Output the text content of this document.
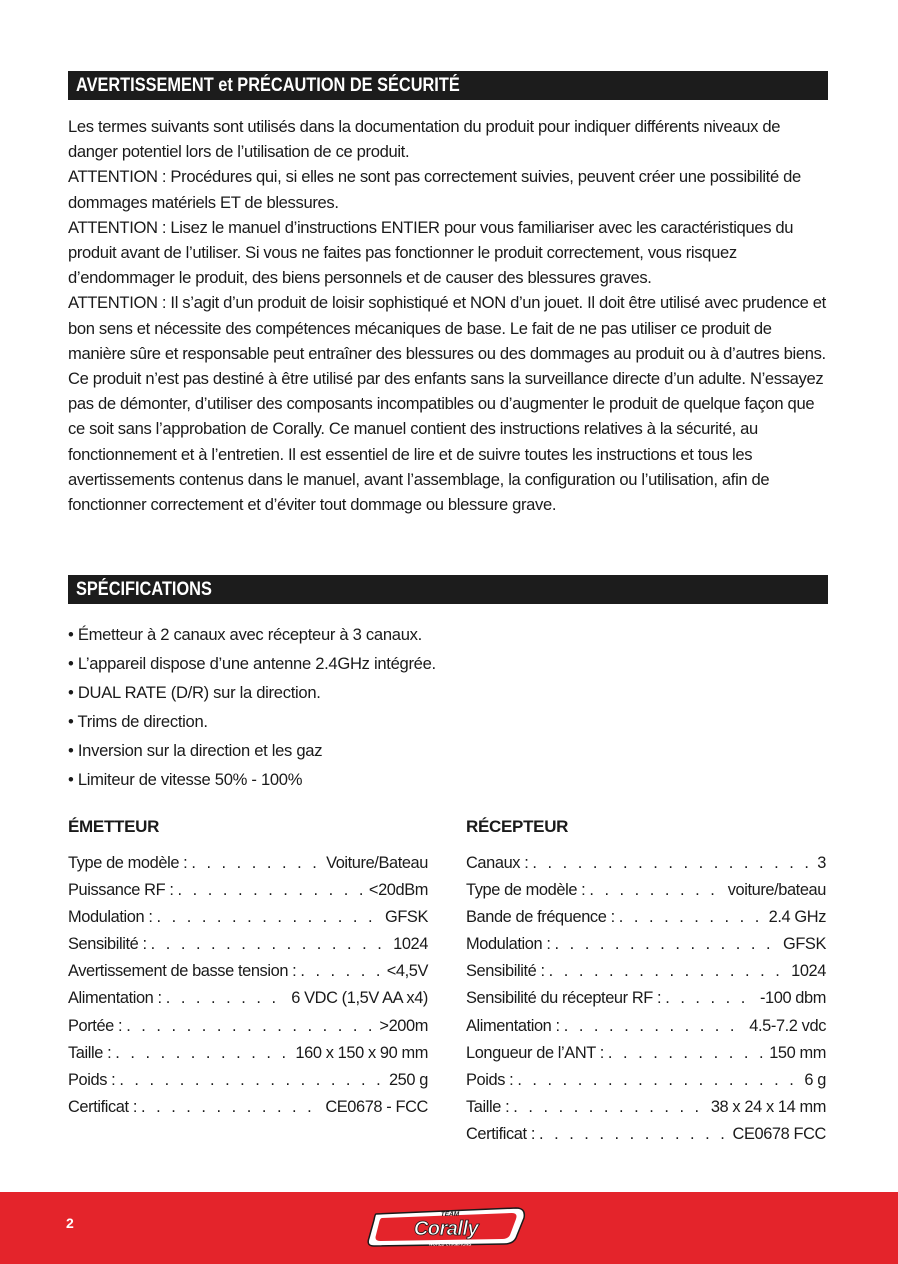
AVERTISSEMENT et PRÉCAUTION DE SÉCURITÉ

Les termes suivants sont utilisés dans la documentation du produit pour indiquer différents niveaux de danger potentiel lors de l’utilisation de ce produit.

ATTENTION : Procédures qui, si elles ne sont pas correctement suivies, peuvent créer une possibilité de dommages matériels ET de blessures.

ATTENTION : Lisez le manuel d’instructions ENTIER pour vous familiariser avec les caractéristiques du produit avant de l’utiliser. Si vous ne faites pas fonctionner le produit correctement, vous risquez d’endommager le produit, des biens personnels et de causer des blessures graves.

ATTENTION : Il s’agit d’un produit de loisir sophistiqué et NON d’un jouet. Il doit être utilisé avec prudence et bon sens et nécessite des compétences mécaniques de base. Le fait de ne pas utiliser ce produit de manière sûre et responsable peut entraîner des blessures ou des dommages au produit ou à d’autres biens. Ce produit n’est pas destiné à être utilisé par des enfants sans la surveillance directe d’un adulte. N’essayez pas de démonter, d’utiliser des composants incompatibles ou d’augmenter le produit de quelque façon que ce soit sans l’approbation de Corally. Ce manuel contient des instructions relatives à la sécurité, au fonctionnement et à l’entretien. Il est essentiel de lire et de suivre toutes les instructions et tous les avertissements contenus dans le manuel, avant l’assemblage, la configuration ou l’utilisation, afin de fonctionner correctement et d’éviter tout dommage ou blessure grave.

SPÉCIFICATIONS
• Émetteur à 2 canaux avec récepteur à 3 canaux.
• L’appareil dispose d’une antenne 2.4GHz intégrée.
• DUAL RATE (D/R) sur la direction.
• Trims de direction.
• Inversion sur la direction et les gaz
• Limiteur de vitesse 50% - 100%
ÉMETTEUR
Type de modèle : . . .	Voiture/Bateau
Puissance RF : . . .	<20dBm
Modulation : . . .	GFSK
Sensibilité : . . .	1024
Avertissement de basse tension : . . .	<4,5V
Alimentation : . . .	6 VDC (1,5V AA x4)
Portée : . . .	>200m
Taille : . . .	160 x 150 x 90 mm
Poids : . . .	250 g
Certificat : . . .	CE0678 - FCC
RÉCEPTEUR
Canaux : . . .	3
Type de modèle : . . .	voiture/bateau
Bande de fréquence : . . .	2.4 GHz
Modulation : . . .	GFSK
Sensibilité : . . .	1024
Sensibilité du récepteur RF : . . .	-100 dbm
Alimentation : . . .	4.5-7.2 vdc
Longueur de l’ANT : . . .	150 mm
Poids : . . .	6 g
Taille : . . .	38 x 24 x 14 mm
Certificat : . . .	CE0678 FCC
2
TEAM
Corally
WORLD CHAMPIONS
